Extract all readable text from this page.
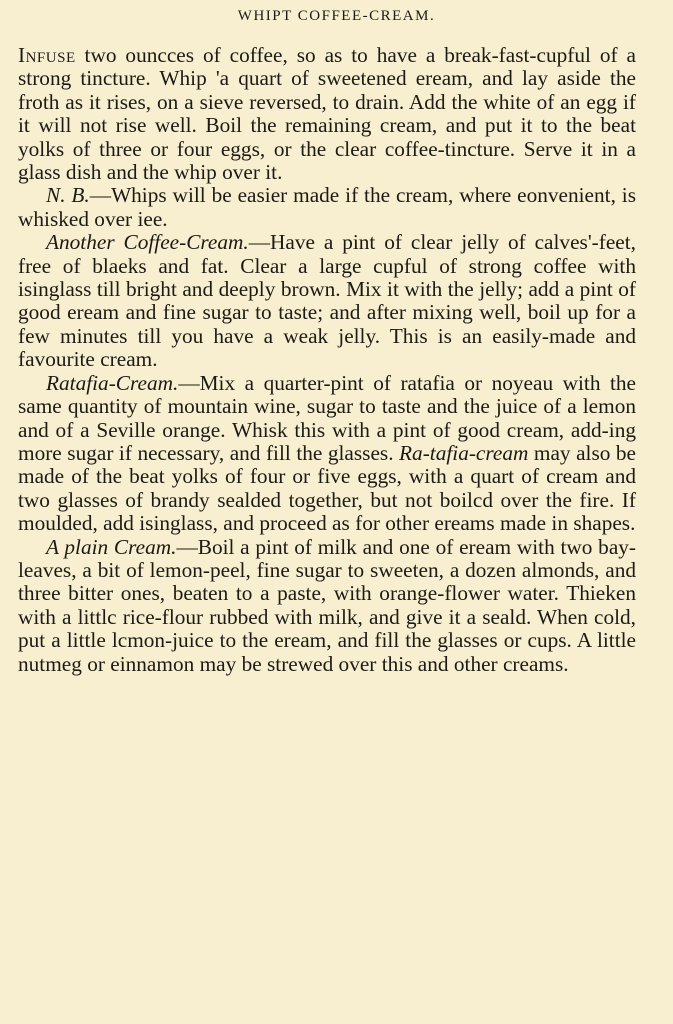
WHIPT COFFEE-CREAM.

Infuse two ouncces of coffee, so as to have a break-fast-cupful of a strong tincture. Whip 'a quart of sweetened eream, and lay aside the froth as it rises, on a sieve reversed, to drain. Add the white of an egg if it will not rise well. Boil the remaining cream, and put it to the beat yolks of three or four eggs, or the clear coffee-tincture. Serve it in a glass dish and the whip over it.

N. B.—Whips will be easier made if the cream, where eonvenient, is whisked over iee.

Another Coffee-Cream.—Have a pint of clear jelly of calves'-feet, free of blaeks and fat. Clear a large cupful of strong coffee with isinglass till bright and deeply brown. Mix it with the jelly; add a pint of good eream and fine sugar to taste; and after mixing well, boil up for a few minutes till you have a weak jelly. This is an easily-made and favourite cream.

Ratafia-Cream.—Mix a quarter-pint of ratafia or noyeau with the same quantity of mountain wine, sugar to taste and the juice of a lemon and of a Seville orange. Whisk this with a pint of good cream, add-ing more sugar if necessary, and fill the glasses. Ra-tafia-cream may also be made of the beat yolks of four or five eggs, with a quart of cream and two glasses of brandy sealded together, but not boilcd over the fire. If moulded, add isinglass, and proceed as for other ereams made in shapes.

A plain Cream.—Boil a pint of milk and one of eream with two bay-leaves, a bit of lemon-peel, fine sugar to sweeten, a dozen almonds, and three bitter ones, beaten to a paste, with orange-flower water. Thieken with a littlc rice-flour rubbed with milk, and give it a seald. When cold, put a little lcmon-juice to the eream, and fill the glasses or cups. A little nutmeg or einnamon may be strewed over this and other creams.
